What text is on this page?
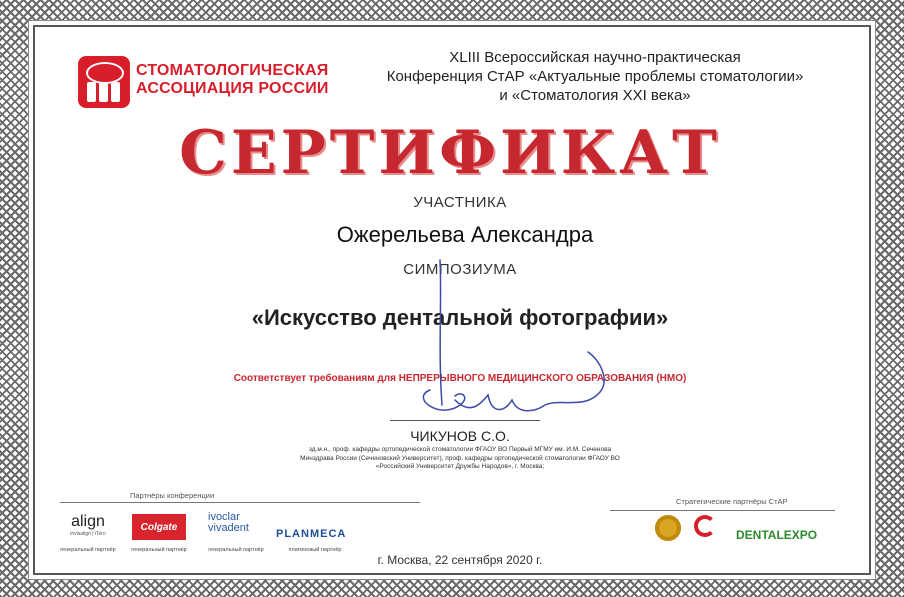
СТОМАТОЛОГИЧЕСКАЯ
АССОЦИАЦИЯ РОССИИ
XLIII Всероссийская научно-практическая
Конференция СтАР «Актуальные проблемы стоматологии»
и «Стоматология XXI века»
СЕРТИФИКАТ
УЧАСТНИКА
Ожерельева Александра
СИМПОЗИУМА
«Искусство дентальной фотографии»
Соответствует требованиям для НЕПРЕРЫВНОГО МЕДИЦИНСКОГО ОБРАЗОВАНИЯ (НМО)
ЧИКУНОВ С.О.
зд.м.н., проф. кафедры ортопедической стоматологии ФГАОУ ВО Первый МГМУ им. И.М. Сеченова
Минздрава России (Сеченовский Университет), проф. кафедры ортопедической стоматологии ФГАОУ ВО
«Российский Университет Дружбы Народов», г. Москва;
Партнёры конференции
Стратегические партнёры СтАР
align
invisalign | iTero
Colgate
ivoclar
vivadent PLANMECA
генеральный партнёр	генеральный партнёр	генеральный партнёр	платиновый партнёр
DENTALEXPO
г. Москва, 22 сентября 2020 г.
